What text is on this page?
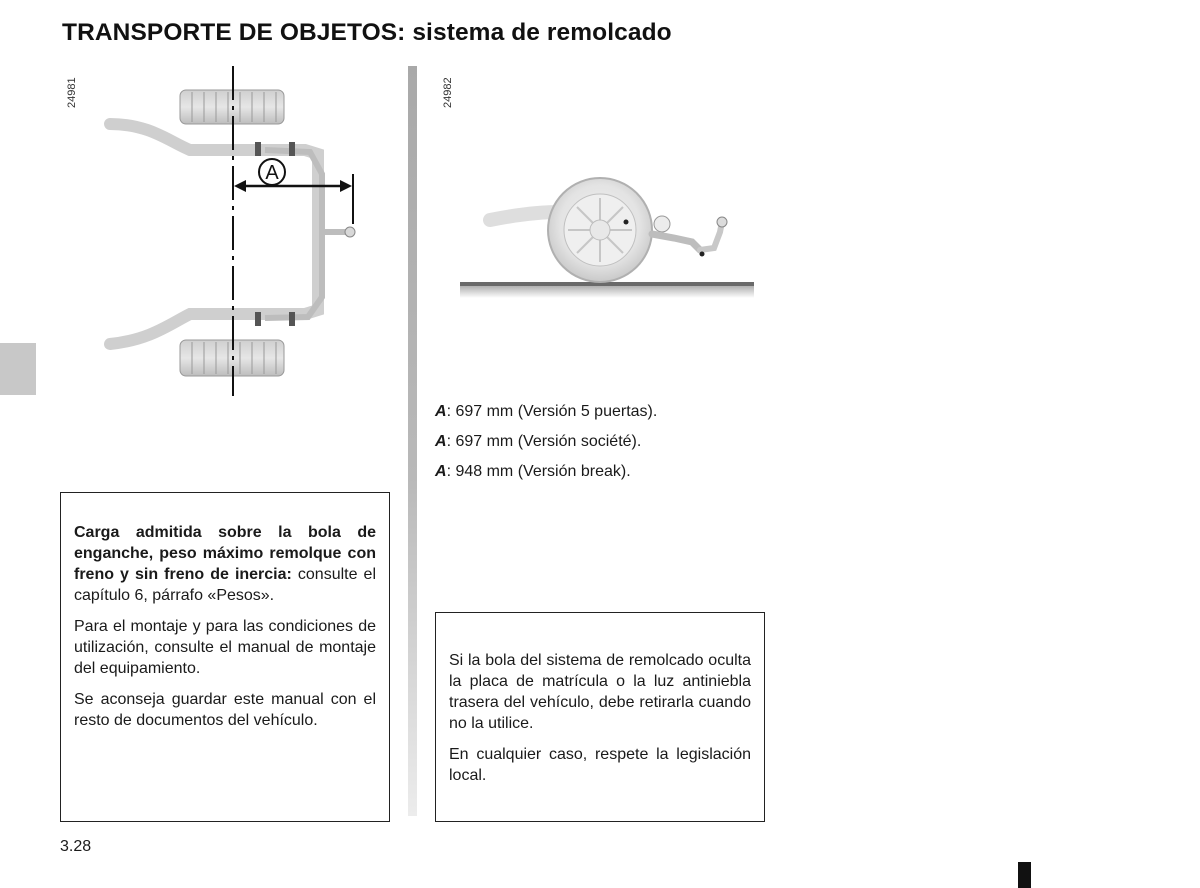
TRANSPORTE DE OBJETOS: sistema de remolcado
24981
A
24982
A: 697 mm (Versión 5 puertas).
A: 697 mm (Versión société).
A: 948 mm (Versión break).

Carga admitida sobre la bola de enganche, peso máximo remolque con freno y sin freno de inercia: consulte el capítulo 6, párrafo «Pesos».

Para el montaje y para las condiciones de utilización, consulte el manual de montaje del equipamiento.

Se aconseja guardar este manual con el resto de documentos del vehículo.

Si la bola del sistema de remolcado oculta la placa de matrícula o la luz antiniebla trasera del vehículo, debe retirarla cuando no la utilice.

En cualquier caso, respete la legislación local.

3.28
